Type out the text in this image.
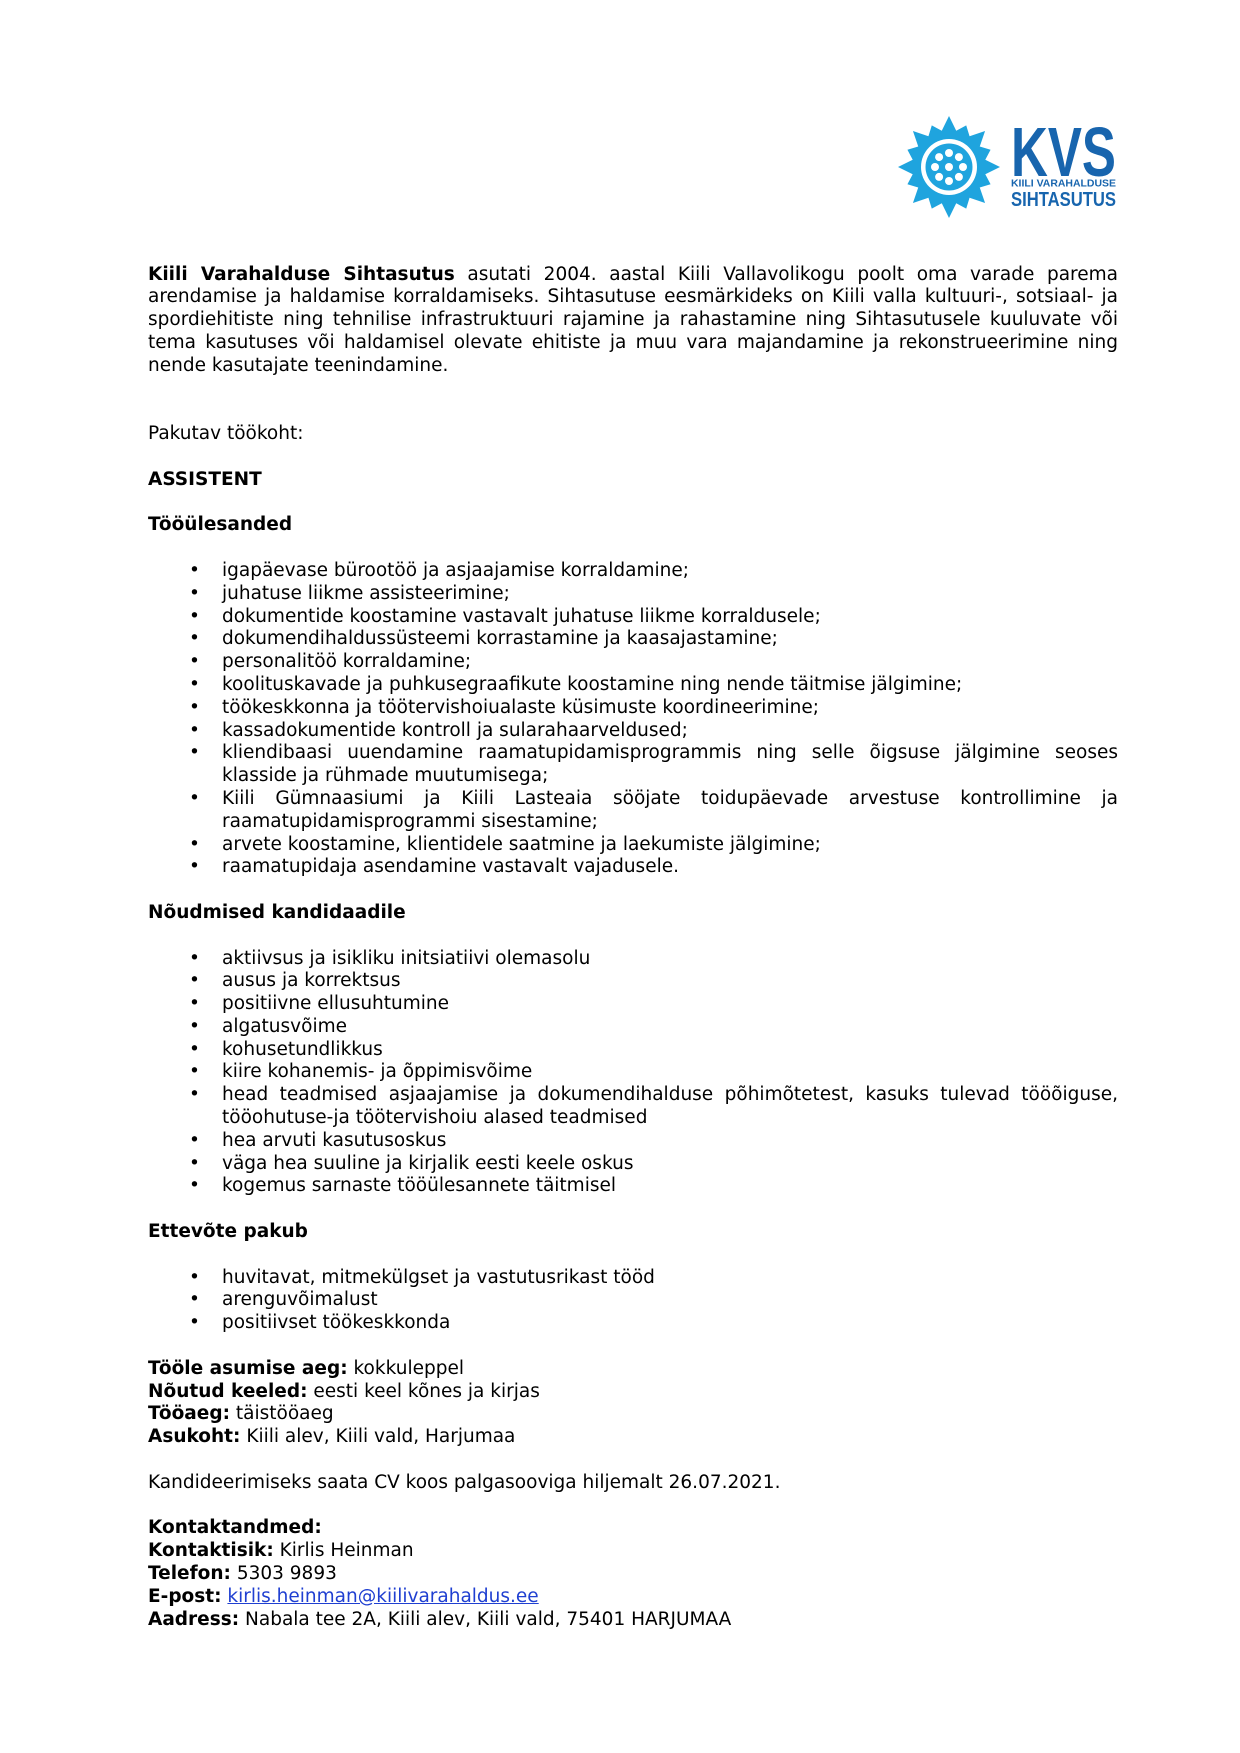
KVS
KIILI VARAHALDUSE
SIHTASUTUS
Kiili Varahalduse Sihtasutus asutati 2004. aastal Kiili Vallavolikogu poolt oma varade parema
arendamise ja haldamise korraldamiseks. Sihtasutuse eesmärkideks on Kiili valla kultuuri-, sotsiaal- ja
spordiehitiste ning tehnilise infrastruktuuri rajamine ja rahastamine ning Sihtasutusele kuuluvate või
tema kasutuses või haldamisel olevate ehitiste ja muu vara majandamine ja rekonstrueerimine ning
nende kasutajate teenindamine.
Pakutav töökoht:
ASSISTENT
Tööülesanded
• igapäevase bürootöö ja asjaajamise korraldamine;
• juhatuse liikme assisteerimine;
• dokumentide koostamine vastavalt juhatuse liikme korraldusele;
• dokumendihaldussüsteemi korrastamine ja kaasajastamine;
• personalitöö korraldamine;
• koolituskavade ja puhkusegraafikute koostamine ning nende täitmise jälgimine;
• töökeskkonna ja töötervishoiualaste küsimuste koordineerimine;
• kassadokumentide kontroll ja sularahaarveldused;
• kliendibaasi uuendamine raamatupidamisprogrammis ning selle õigsuse jälgimine seoses
klasside ja rühmade muutumisega;
• Kiili Gümnaasiumi ja Kiili Lasteaia sööjate toidupäevade arvestuse kontrollimine ja
raamatupidamisprogrammi sisestamine;
• arvete koostamine, klientidele saatmine ja laekumiste jälgimine;
• raamatupidaja asendamine vastavalt vajadusele.
Nõudmised kandidaadile
• aktiivsus ja isikliku initsiatiivi olemasolu
• ausus ja korrektsus
• positiivne ellusuhtumine
• algatusvõime
• kohusetundlikkus
• kiire kohanemis- ja õppimisvõime
• head teadmised asjaajamise ja dokumendihalduse põhimõtetest, kasuks tulevad tööõiguse,
tööohutuse-ja töötervishoiu alased teadmised
• hea arvuti kasutusoskus
• väga hea suuline ja kirjalik eesti keele oskus
• kogemus sarnaste tööülesannete täitmisel
Ettevõte pakub
• huvitavat, mitmekülgset ja vastutusrikast tööd
• arenguvõimalust
• positiivset töökeskkonda
Tööle asumise aeg: kokkuleppel
Nõutud keeled: eesti keel kõnes ja kirjas
Tööaeg: täistööaeg
Asukoht: Kiili alev, Kiili vald, Harjumaa
Kandideerimiseks saata CV koos palgasooviga hiljemalt 26.07.2021.
Kontaktandmed:
Kontaktisik: Kirlis Heinman
Telefon: 5303 9893
E-post: kirlis.heinman@kiilivarahaldus.ee
Aadress: Nabala tee 2A, Kiili alev, Kiili vald, 75401 HARJUMAA
